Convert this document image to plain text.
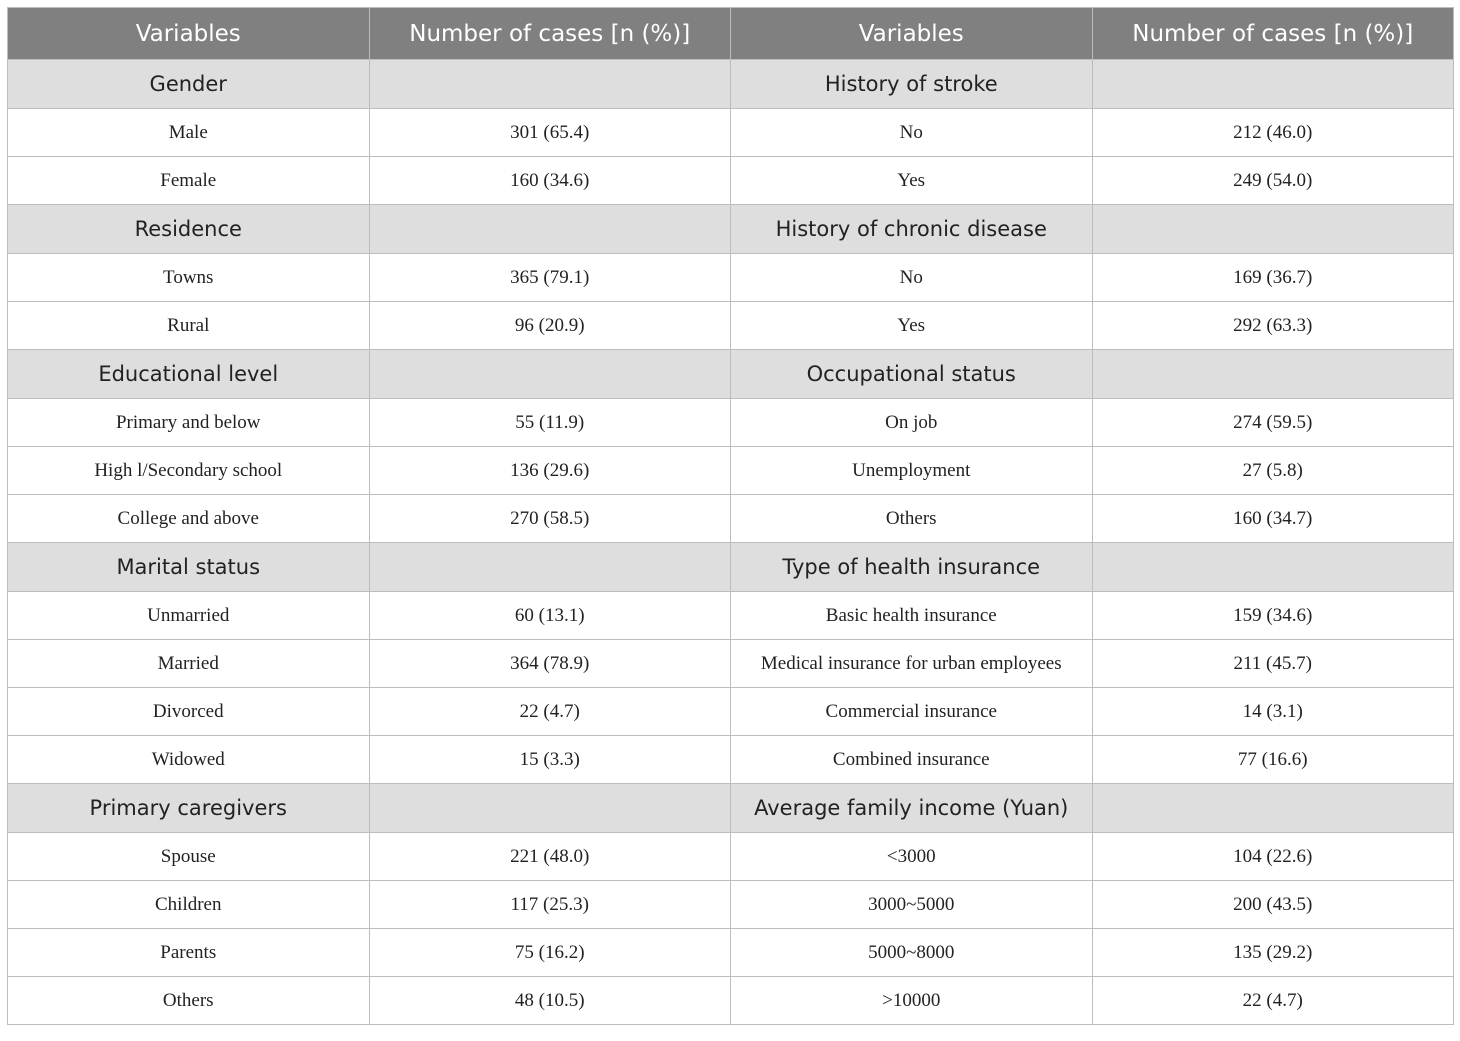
Variables	Number of cases [n (%)]	Variables	Number of cases [n (%)]
Gender		History of stroke	
Male	301 (65.4)	No	212 (46.0)
Female	160 (34.6)	Yes	249 (54.0)
Residence		History of chronic disease	
Towns	365 (79.1)	No	169 (36.7)
Rural	96 (20.9)	Yes	292 (63.3)
Educational level		Occupational status	
Primary and below	55 (11.9)	On job	274 (59.5)
High l/Secondary school	136 (29.6)	Unemployment	27 (5.8)
College and above	270 (58.5)	Others	160 (34.7)
Marital status		Type of health insurance	
Unmarried	60 (13.1)	Basic health insurance	159 (34.6)
Married	364 (78.9)	Medical insurance for urban employees	211 (45.7)
Divorced	22 (4.7)	Commercial insurance	14 (3.1)
Widowed	15 (3.3)	Combined insurance	77 (16.6)
Primary caregivers		Average family income (Yuan)	
Spouse	221 (48.0)	<3000	104 (22.6)
Children	117 (25.3)	3000~5000	200 (43.5)
Parents	75 (16.2)	5000~8000	135 (29.2)
Others	48 (10.5)	>10000	22 (4.7)
